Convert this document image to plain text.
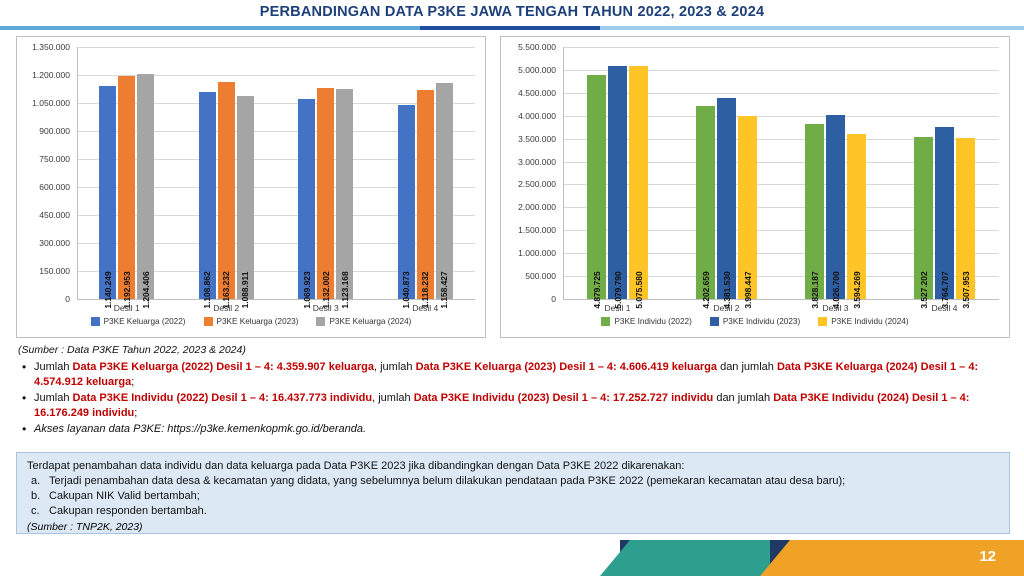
PERBANDINGAN DATA P3KE JAWA TENGAH TAHUN 2022, 2023 & 2024
1.140.249 1.192.953 1.204.406	1.108.862 1.163.232 1.088.911	1.069.923 1.132.002 1.123.168	1.040.873 1.118.232 1.158.427
P3KE Keluarga (2022)	P3KE Keluarga (2023)	P3KE Keluarga (2024)
0
150.000
300.000
450.000
600.000
750.000
900.000
1.050.000
1.200.000
1.350.000
Desil 1	Desil 2	Desil 3	Desil 4	4.879.725 5.079.790 5.075.580	4.202.659 4.381.530 3.998.447	3.828.187 4.026.700 3.594.269	3.527.202 3.764.707 3.507.953
P3KE Individu (2022)	P3KE Individu (2023)	P3KE Individu (2024)
0
500.000
1.000.000
1.500.000
2.000.000
2.500.000
3.000.000
3.500.000
4.000.000
4.500.000
5.000.000
5.500.000
Desil 1	Desil 2	Desil 3	Desil 4
(Sumber : Data P3KE Tahun 2022, 2023 & 2024)
• Jumlah Data P3KE Keluarga (2022) Desil 1 – 4: 4.359.907 keluarga, jumlah Data P3KE Keluarga (2023) Desil 1 – 4: 4.606.419 keluarga dan jumlah Data P3KE Keluarga (2024) Desil 1 – 4: 4.574.912 keluarga;
• Jumlah Data P3KE Individu (2022) Desil 1 – 4: 16.437.773 individu, jumlah Data P3KE Individu (2023) Desil 1 – 4: 17.252.727 individu dan jumlah Data P3KE Individu (2024) Desil 1 – 4: 16.176.249 individu;
• Akses layanan data P3KE: https://p3ke.kemenkopmk.go.id/beranda.
Terdapat penambahan data individu dan data keluarga pada Data P3KE 2023 jika dibandingkan dengan Data P3KE 2022 dikarenakan:
a. Terjadi penambahan data desa & kecamatan yang didata, yang sebelumnya belum dilakukan pendataan pada P3KE 2022 (pemekaran kecamatan atau desa baru);
b. Cakupan NIK Valid bertambah;
c. Cakupan responden bertambah.
(Sumber : TNP2K, 2023)
12
